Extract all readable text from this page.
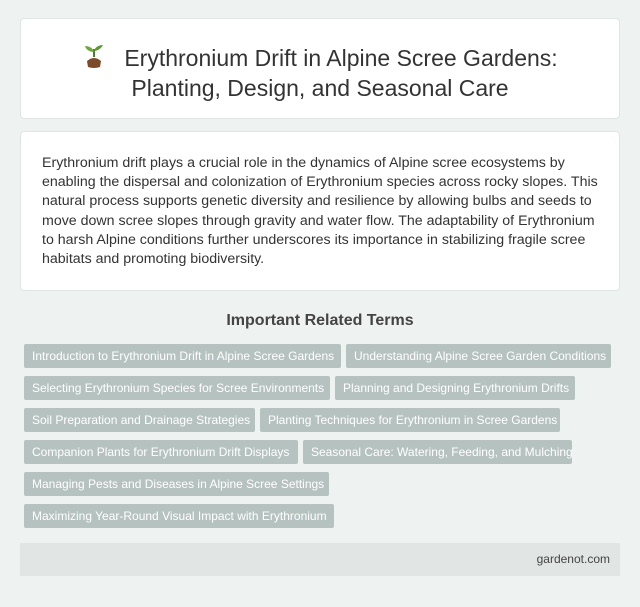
Erythronium Drift in Alpine Scree Gardens:
Planting, Design, and Seasonal Care

Erythronium drift plays a crucial role in the dynamics of Alpine scree ecosystems by enabling the dispersal and colonization of Erythronium species across rocky slopes. This natural process supports genetic diversity and resilience by allowing bulbs and seeds to move down scree slopes through gravity and water flow. The adaptability of Erythronium to harsh Alpine conditions further underscores its importance in stabilizing fragile scree habitats and promoting biodiversity.

Important Related Terms
Introduction to Erythronium Drift in Alpine Scree Gardens	Understanding Alpine Scree Garden Conditions
Selecting Erythronium Species for Scree Environments	Planning and Designing Erythronium Drifts
Soil Preparation and Drainage Strategies	Planting Techniques for Erythronium in Scree Gardens
Companion Plants for Erythronium Drift Displays	Seasonal Care: Watering, Feeding, and Mulching
Managing Pests and Diseases in Alpine Scree Settings
Maximizing Year-Round Visual Impact with Erythronium
gardenot.com
